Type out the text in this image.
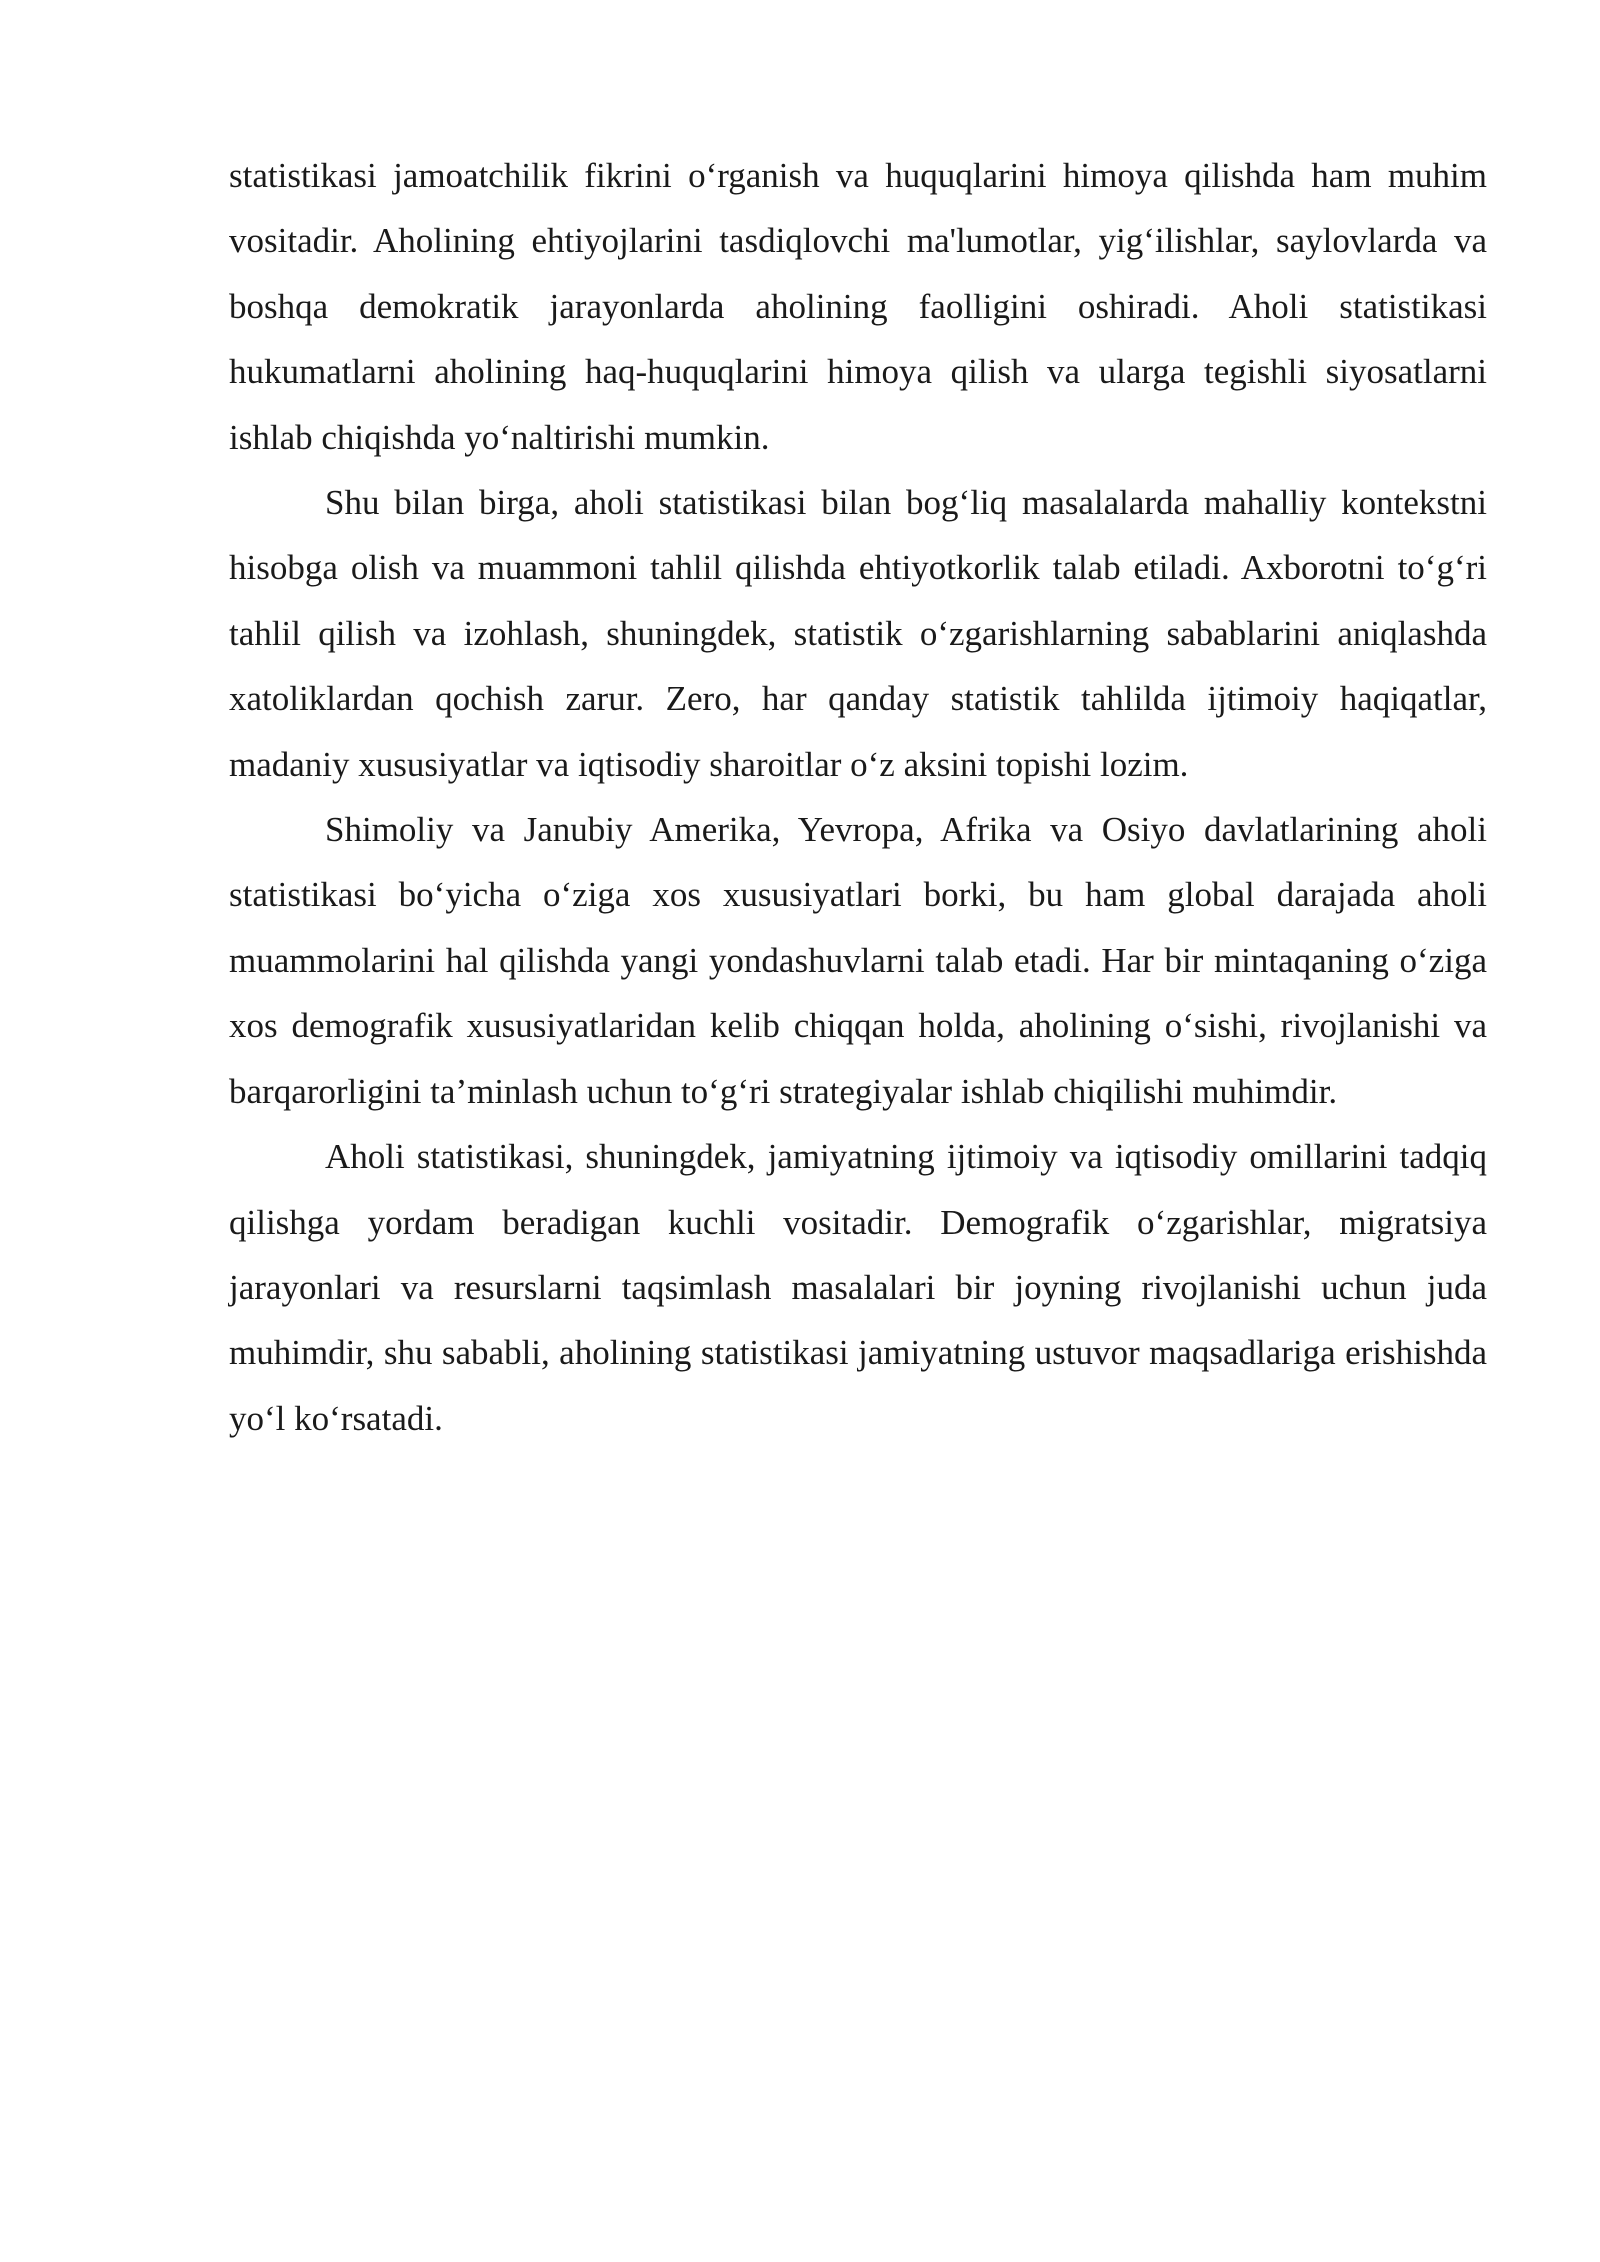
statistikasi jamoatchilik fikrini o‘rganish va huquqlarini himoya qilishda ham muhim vositadir. Aholining ehtiyojlarini tasdiqlovchi ma'lumotlar, yig‘ilishlar, saylovlarda va boshqa demokratik jarayonlarda aholining faolligini oshiradi. Aholi statistikasi hukumatlarni aholining haq-huquqlarini himoya qilish va ularga tegishli siyosatlarni ishlab chiqishda yo‘naltirishi mumkin.

Shu bilan birga, aholi statistikasi bilan bog‘liq masalalarda mahalliy kontekstni hisobga olish va muammoni tahlil qilishda ehtiyotkorlik talab etiladi. Axborotni to‘g‘ri tahlil qilish va izohlash, shuningdek, statistik o‘zgarishlarning sabablarini aniqlashda xatoliklardan qochish zarur. Zero, har qanday statistik tahlilda ijtimoiy haqiqatlar, madaniy xususiyatlar va iqtisodiy sharoitlar o‘z aksini topishi lozim.

Shimoliy va Janubiy Amerika, Yevropa, Afrika va Osiyo davlatlarining aholi statistikasi bo‘yicha o‘ziga xos xususiyatlari borki, bu ham global darajada aholi muammolarini hal qilishda yangi yondashuvlarni talab etadi. Har bir mintaqaning o‘ziga xos demografik xususiyatlaridan kelib chiqqan holda, aholining o‘sishi, rivojlanishi va barqarorligini ta’minlash uchun to‘g‘ri strategiyalar ishlab chiqilishi muhimdir.

Aholi statistikasi, shuningdek, jamiyatning ijtimoiy va iqtisodiy omillarini tadqiq qilishga yordam beradigan kuchli vositadir. Demografik o‘zgarishlar, migratsiya jarayonlari va resurslarni taqsimlash masalalari bir joyning rivojlanishi uchun juda muhimdir, shu sababli, aholining statistikasi jamiyatning ustuvor maqsadlariga erishishda yo‘l ko‘rsatadi.
